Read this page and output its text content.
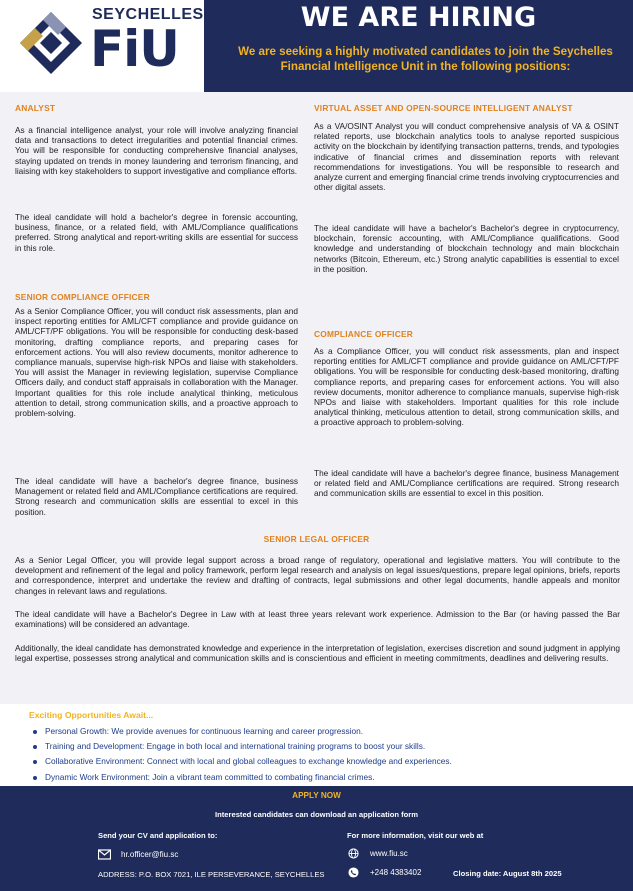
SEYCHELLES
FiU
WE ARE HIRING
We are seeking a highly motivated candidates to join the Seychelles Financial Intelligence Unit in the following positions:
ANALYST
As a financial intelligence analyst, your role will involve analyzing financial data and transactions to detect irregularities and potential financial crimes. You will be responsible for conducting comprehensive financial analyses, staying updated on trends in money laundering and terrorism financing, and liaising with key stakeholders to support investigative and compliance efforts.
The ideal candidate will hold a bachelor's degree in forensic accounting, business, finance, or a related field, with AML/Compliance qualifications preferred. Strong analytical and report-writing skills are essential for success in this role.
SENIOR COMPLIANCE OFFICER
As a Senior Compliance Officer, you will conduct risk assessments, plan and inspect reporting entities for AML/CFT compliance and provide guidance on AML/CFT/PF obligations. You will be responsible for conducting desk-based monitoring, drafting compliance reports, and preparing cases for enforcement actions. You will also review documents, monitor adherence to compliance manuals, supervise high-risk NPOs and liaise with stakeholders. You will assist the Manager in reviewing legislation, supervise Compliance Officers daily, and conduct staff appraisals in collaboration with the Manager. Important qualities for this role include analytical thinking, meticulous attention to detail, strong communication skills, and a proactive approach to problem-solving.
The ideal candidate will have a bachelor's degree finance, business Management or related field and AML/Compliance certifications are required. Strong research and communication skills are essential to excel in this position.
VIRTUAL ASSET AND OPEN-SOURCE INTELLIGENT ANALYST
As a VA/OSINT Analyst you will conduct comprehensive analysis of VA & OSINT related reports, use blockchain analytics tools to analyse reported suspicious activity on the blockchain by identifying transaction patterns, trends, and typologies indicative of financial crimes and dissemination reports with relevant recommendations for investigations. You will be responsible to research and analyze current and emerging financial crime trends involving cryptocurrencies and other digital assets.
The ideal candidate will have a bachelor's Bachelor's degree in cryptocurrency, blockchain, forensic accounting, with AML/Compliance qualifications. Good knowledge and understanding of blockchain technology and main blockchain networks (Bitcoin, Ethereum, etc.) Strong analytic capabilities is essential to excel in the position.
COMPLIANCE OFFICER
As a Compliance Officer, you will conduct risk assessments, plan and inspect reporting entities for AML/CFT compliance and provide guidance on AML/CFT/PF obligations. You will be responsible for conducting desk-based monitoring, drafting compliance reports, and preparing cases for enforcement actions. You will also review documents, monitor adherence to compliance manuals, supervise high-risk NPOs and liaise with stakeholders. Important qualities for this role include analytical thinking, meticulous attention to detail, strong communication skills, and a proactive approach to problem-solving.
The ideal candidate will have a bachelor's degree finance, business Management or related field and AML/Compliance certifications are required. Strong research and communication skills are essential to excel in this position.
SENIOR LEGAL OFFICER
As a Senior Legal Officer, you will provide legal support across a broad range of regulatory, operational and legislative matters. You will contribute to the development and refinement of the legal and policy framework, perform legal research and analysis on legal issues/questions, prepare legal opinions, briefs, reports and correspondence, interpret and undertake the review and drafting of contracts, legal submissions and other legal documents, handle appeals and monitor changes in relevant laws and regulations.
The ideal candidate will have a Bachelor's Degree in Law with at least three years relevant work experience. Admission to the Bar (or having passed the Bar examinations) will be considered an advantage.
Additionally, the ideal candidate has demonstrated knowledge and experience in the interpretation of legislation, exercises discretion and sound judgment in applying legal expertise, possesses strong analytical and communication skills and is conscientious and efficient in meeting commitments, deadlines and delivering results.
Exciting Opportunities Await...
Personal Growth: We provide avenues for continuous learning and career progression.
Training and Development: Engage in both local and international training programs to boost your skills.
Collaborative Environment: Connect with local and global colleagues to exchange knowledge and experiences.
Dynamic Work Environment: Join a vibrant team committed to combating financial crimes.
APPLY NOW
Interested candidates can download an application form
Send your CV and application to:
hr.officer@fiu.sc
ADDRESS: P.O. BOX 7021, ILE PERSEVERANCE, SEYCHELLES
For more information, visit our web at
www.fiu.sc
+248 4383402	Closing date: August 8th 2025
